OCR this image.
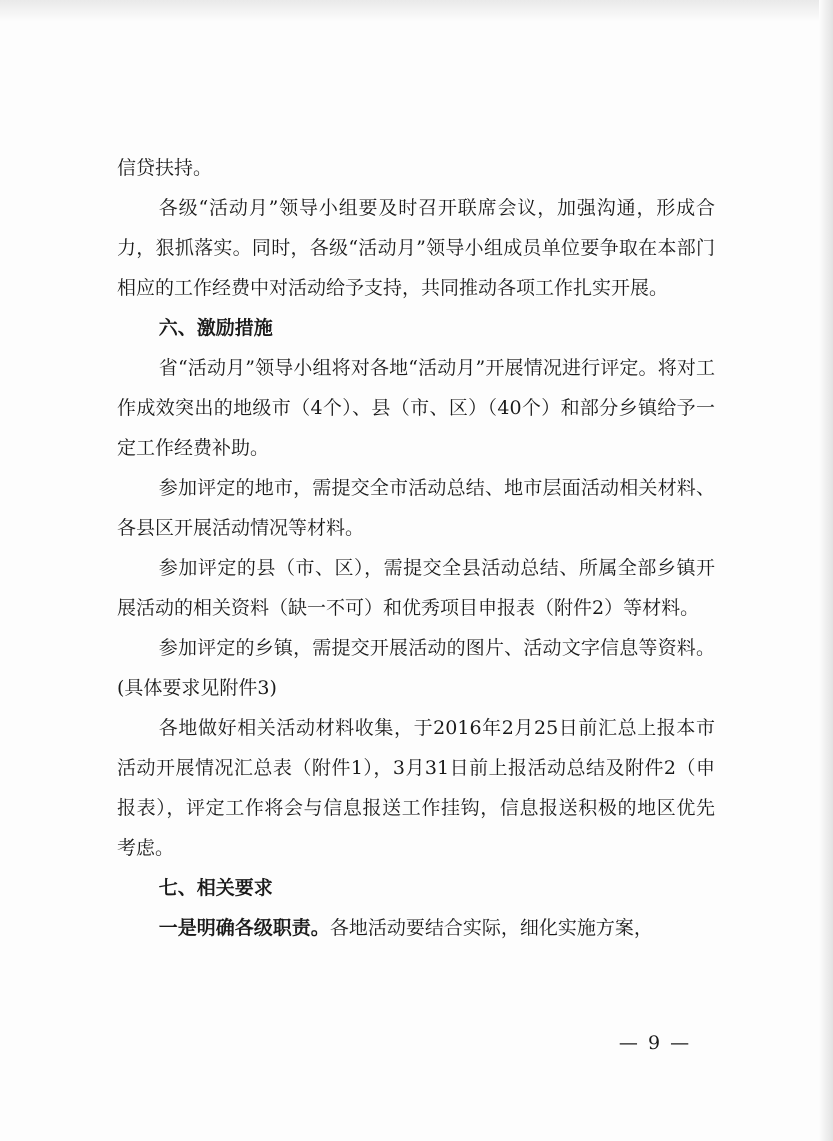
信贷扶持。

各级“活动月”领导小组要及时召开联席会议，加强沟通，形成合力，狠抓落实。同时，各级“活动月”领导小组成员单位要争取在本部门相应的工作经费中对活动给予支持，共同推动各项工作扎实开展。

六、激励措施

省“活动月”领导小组将对各地“活动月”开展情况进行评定。将对工作成效突出的地级市（4个）、县（市、区）（40个）和部分乡镇给予一定工作经费补助。

参加评定的地市，需提交全市活动总结、地市层面活动相关材料、各县区开展活动情况等材料。

参加评定的县（市、区），需提交全县活动总结、所属全部乡镇开展活动的相关资料（缺一不可）和优秀项目申报表（附件2）等材料。

参加评定的乡镇，需提交开展活动的图片、活动文字信息等资料。(具体要求见附件3)

各地做好相关活动材料收集，于2016年2月25日前汇总上报本市活动开展情况汇总表（附件1），3月31日前上报活动总结及附件2（申报表），评定工作将会与信息报送工作挂钩，信息报送积极的地区优先考虑。

七、相关要求

一是明确各级职责。各地活动要结合实际，细化实施方案，

— 9 —
